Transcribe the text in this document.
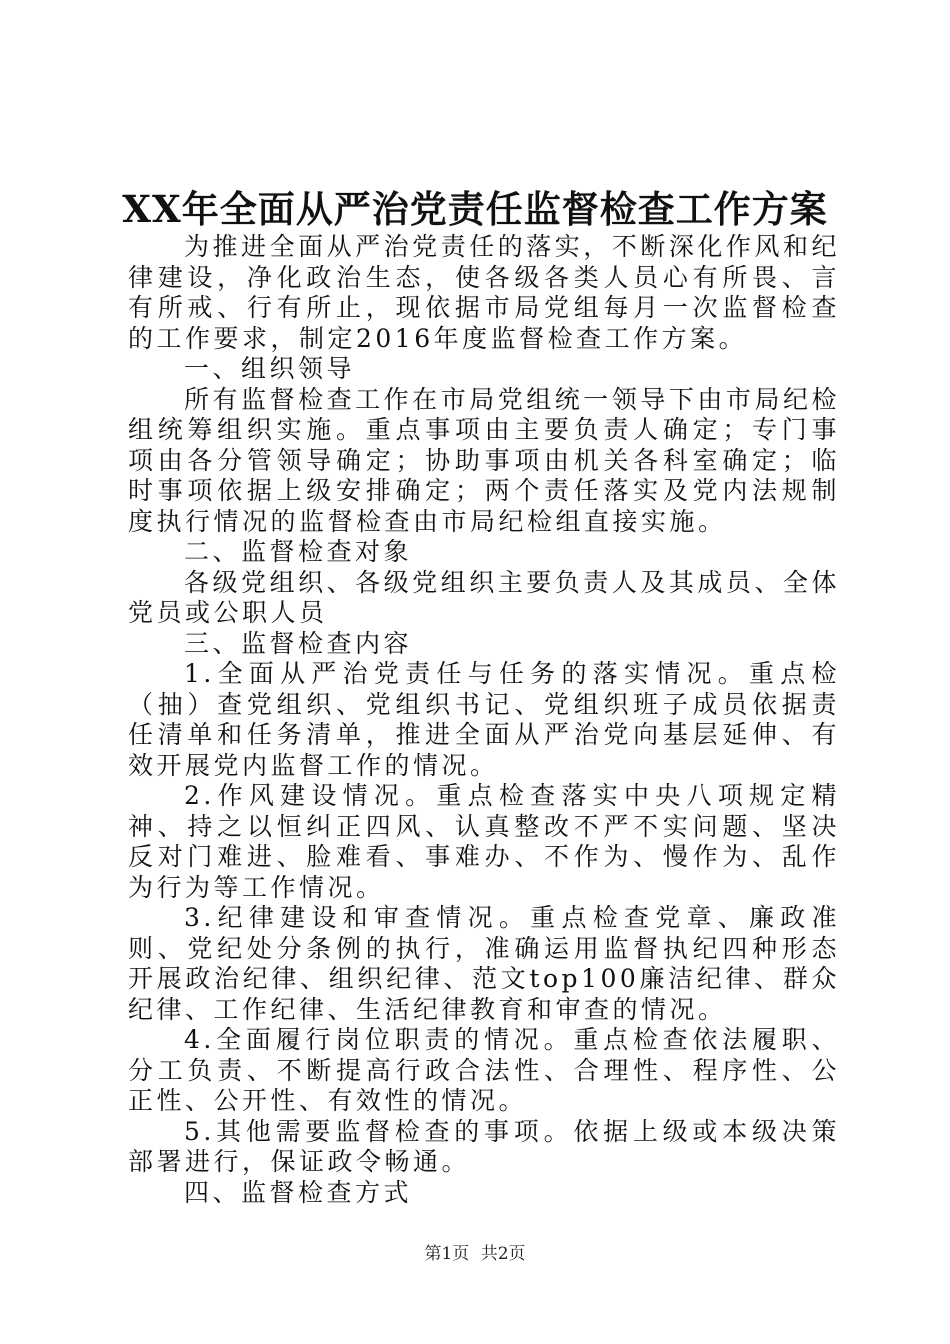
XX年全面从严治党责任监督检查工作方案

为推进全面从严治党责任的落实，不断深化作风和纪律建设，净化政治生态，使各级各类人员心有所畏、言有所戒、行有所止，现依据市局党组每月一次监督检查的工作要求，制定2016年度监督检查工作方案。

一、组织领导

所有监督检查工作在市局党组统一领导下由市局纪检组统筹组织实施。重点事项由主要负责人确定；专门事项由各分管领导确定；协助事项由机关各科室确定；临时事项依据上级安排确定；两个责任落实及党内法规制度执行情况的监督检查由市局纪检组直接实施。

二、监督检查对象

各级党组织、各级党组织主要负责人及其成员、全体党员或公职人员

三、监督检查内容

1.全面从严治党责任与任务的落实情况。重点检（抽）查党组织、党组织书记、党组织班子成员依据责任清单和任务清单，推进全面从严治党向基层延伸、有效开展党内监督工作的情况。

2.作风建设情况。重点检查落实中央八项规定精神、持之以恒纠正四风、认真整改不严不实问题、坚决反对门难进、脸难看、事难办、不作为、慢作为、乱作为行为等工作情况。

3.纪律建设和审查情况。重点检查党章、廉政准则、党纪处分条例的执行，准确运用监督执纪四种形态开展政治纪律、组织纪律、范文top100廉洁纪律、群众纪律、工作纪律、生活纪律教育和审查的情况。

4.全面履行岗位职责的情况。重点检查依法履职、分工负责、不断提高行政合法性、合理性、程序性、公正性、公开性、有效性的情况。

5.其他需要监督检查的事项。依据上级或本级决策部署进行，保证政令畅通。

四、监督检查方式

第1页 共2页
